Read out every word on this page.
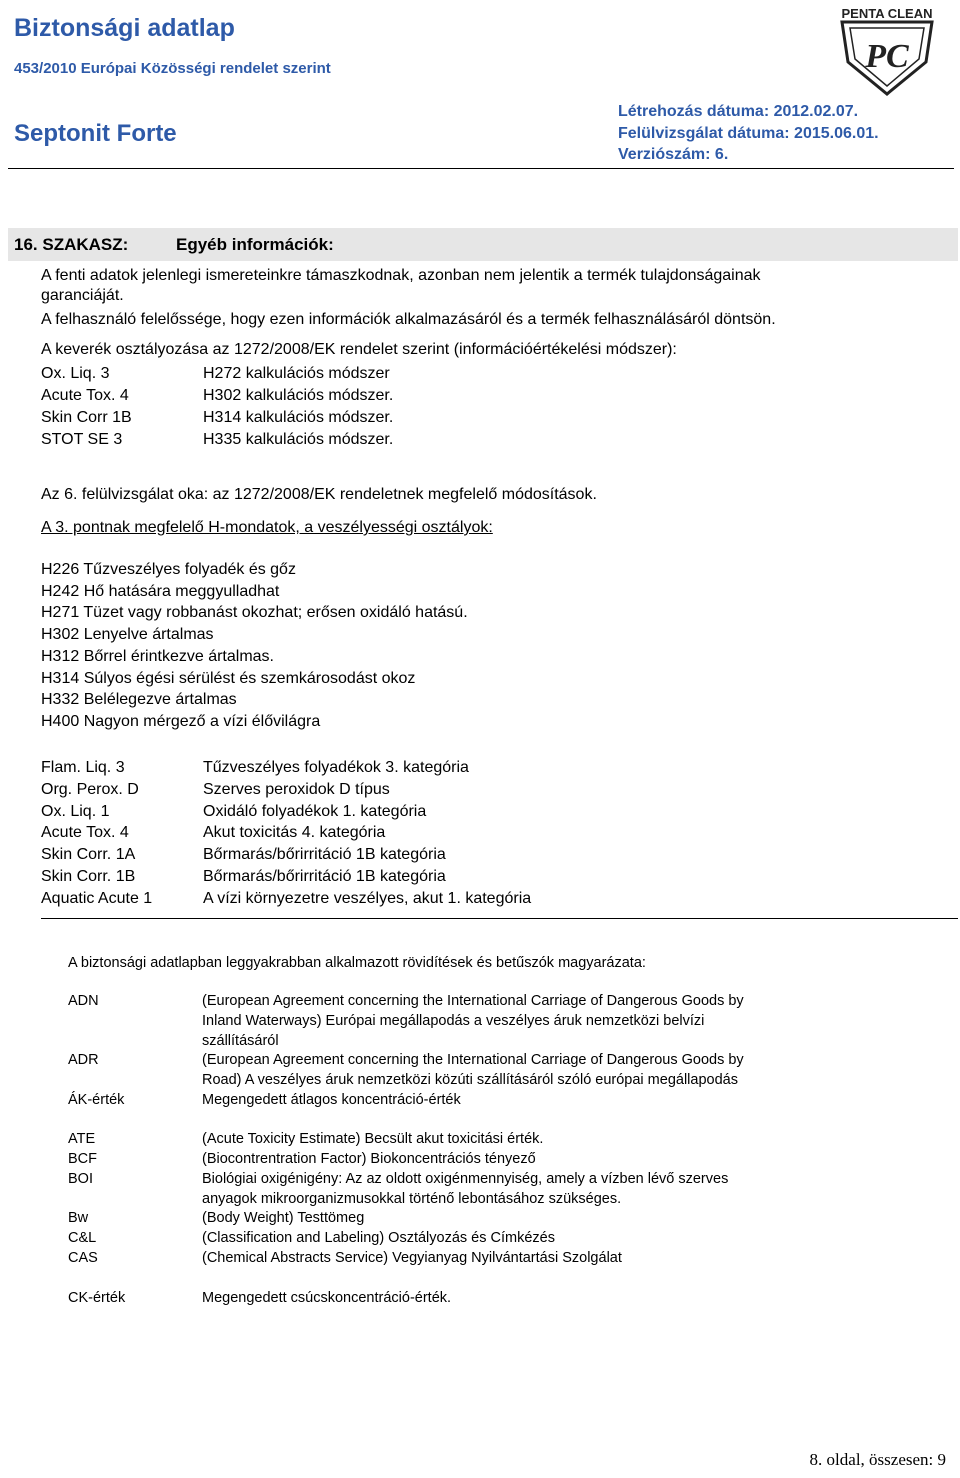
Biztonsági adatlap
453/2010 Európai Közösségi rendelet szerint
Septonit Forte
Létrehozás dátuma: 2012.02.07.
Felülvizsgálat dátuma: 2015.06.01.
Verziószám: 6.
PENTA CLEAN
PC
16. SZAKASZ:	Egyéb információk:
A fenti adatok jelenlegi ismereteinkre támaszkodnak, azonban nem jelentik a termék tulajdonságainak
garanciáját.
A felhasználó felelőssége, hogy ezen információk alkalmazásáról és a termék felhasználásáról döntsön.
A keverék osztályozása az 1272/2008/EK rendelet szerint (információértékelési módszer):
Ox. Liq. 3	H272 kalkulációs módszer
Acute Tox. 4	H302 kalkulációs módszer.
Skin Corr 1B	H314 kalkulációs módszer.
STOT SE 3	H335 kalkulációs módszer.
Az 6. felülvizsgálat oka: az 1272/2008/EK rendeletnek megfelelő módosítások.
A 3. pontnak megfelelő H-mondatok, a veszélyességi osztályok:
H226 Tűzveszélyes folyadék és gőz
H242 Hő hatására meggyulladhat
H271 Tüzet vagy robbanást okozhat; erősen oxidáló hatású.
H302 Lenyelve ártalmas
H312 Bőrrel érintkezve ártalmas.
H314 Súlyos égési sérülést és szemkárosodást okoz
H332 Belélegezve ártalmas
H400 Nagyon mérgező a vízi élővilágra
Flam. Liq. 3	Tűzveszélyes folyadékok 3. kategória
Org. Perox. D	Szerves peroxidok D típus
Ox. Liq. 1	Oxidáló folyadékok 1. kategória
Acute Tox. 4	Akut toxicitás 4. kategória
Skin Corr. 1A	Bőrmarás/bőrirritáció 1B kategória
Skin Corr. 1B	Bőrmarás/bőrirritáció 1B kategória
Aquatic Acute 1	A vízi környezetre veszélyes, akut 1. kategória
A biztonsági adatlapban leggyakrabban alkalmazott rövidítések és betűszók magyarázata:
ADN	(European Agreement concerning the International Carriage of Dangerous Goods by
Inland Waterways) Európai megállapodás a veszélyes áruk nemzetközi belvízi
szállításáról
ADR	(European Agreement concerning the International Carriage of Dangerous Goods by
Road) A veszélyes áruk nemzetközi közúti szállításáról szóló európai megállapodás
ÁK-érték	Megengedett átlagos koncentráció-érték
ATE	(Acute Toxicity Estimate) Becsült akut toxicitási érték.
BCF	(Biocontrentration Factor) Biokoncentrációs tényező
BOI	Biológiai oxigénigény: Az az oldott oxigénmennyiség, amely a vízben lévő szerves
anyagok mikroorganizmusokkal történő lebontásához szükséges.
Bw	(Body Weight) Testtömeg
C&L	(Classification and Labeling) Osztályozás és Címkézés
CAS	(Chemical Abstracts Service) Vegyianyag Nyilvántartási Szolgálat
CK-érték	Megengedett csúcskoncentráció-érték.
8. oldal, összesen: 9
